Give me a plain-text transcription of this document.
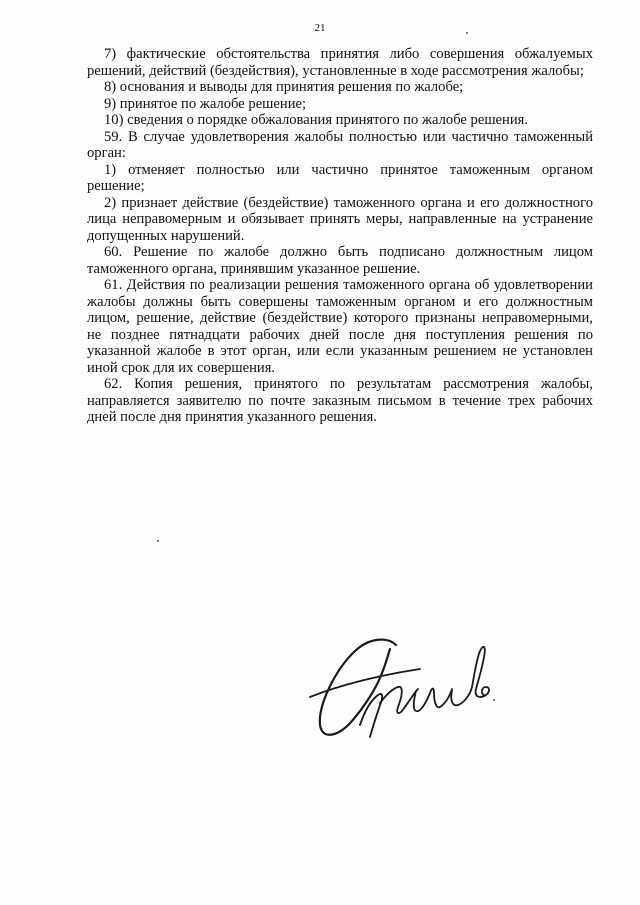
21

7) фактические обстоятельства принятия либо совершения обжалуемых решений, действий (бездействия), установленные в ходе рассмотрения жалобы;

8) основания и выводы для принятия решения по жалобе;

9) принятое по жалобе решение;

10) сведения о порядке обжалования принятого по жалобе решения.

59. В случае удовлетворения жалобы полностью или частично таможенный орган:

1) отменяет полностью или частично принятое таможенным органом решение;

2) признает действие (бездействие) таможенного органа и его должностного лица неправомерным и обязывает принять меры, направленные на устранение допущенных нарушений.

60. Решение по жалобе должно быть подписано должностным лицом таможенного органа, принявшим указанное решение.

61. Действия по реализации решения таможенного органа об удовлетворении жалобы должны быть совершены таможенным органом и его должностным лицом, решение, действие (бездействие) которого признаны неправомерными, не позднее пятнадцати рабочих дней после дня поступления решения по указанной жалобе в этот орган, или если указанным решением не установлен иной срок для их совершения.

62. Копия решения, принятого по результатам рассмотрения жалобы, направляется заявителю по почте заказным письмом в течение трех рабочих дней после дня принятия указанного решения.
